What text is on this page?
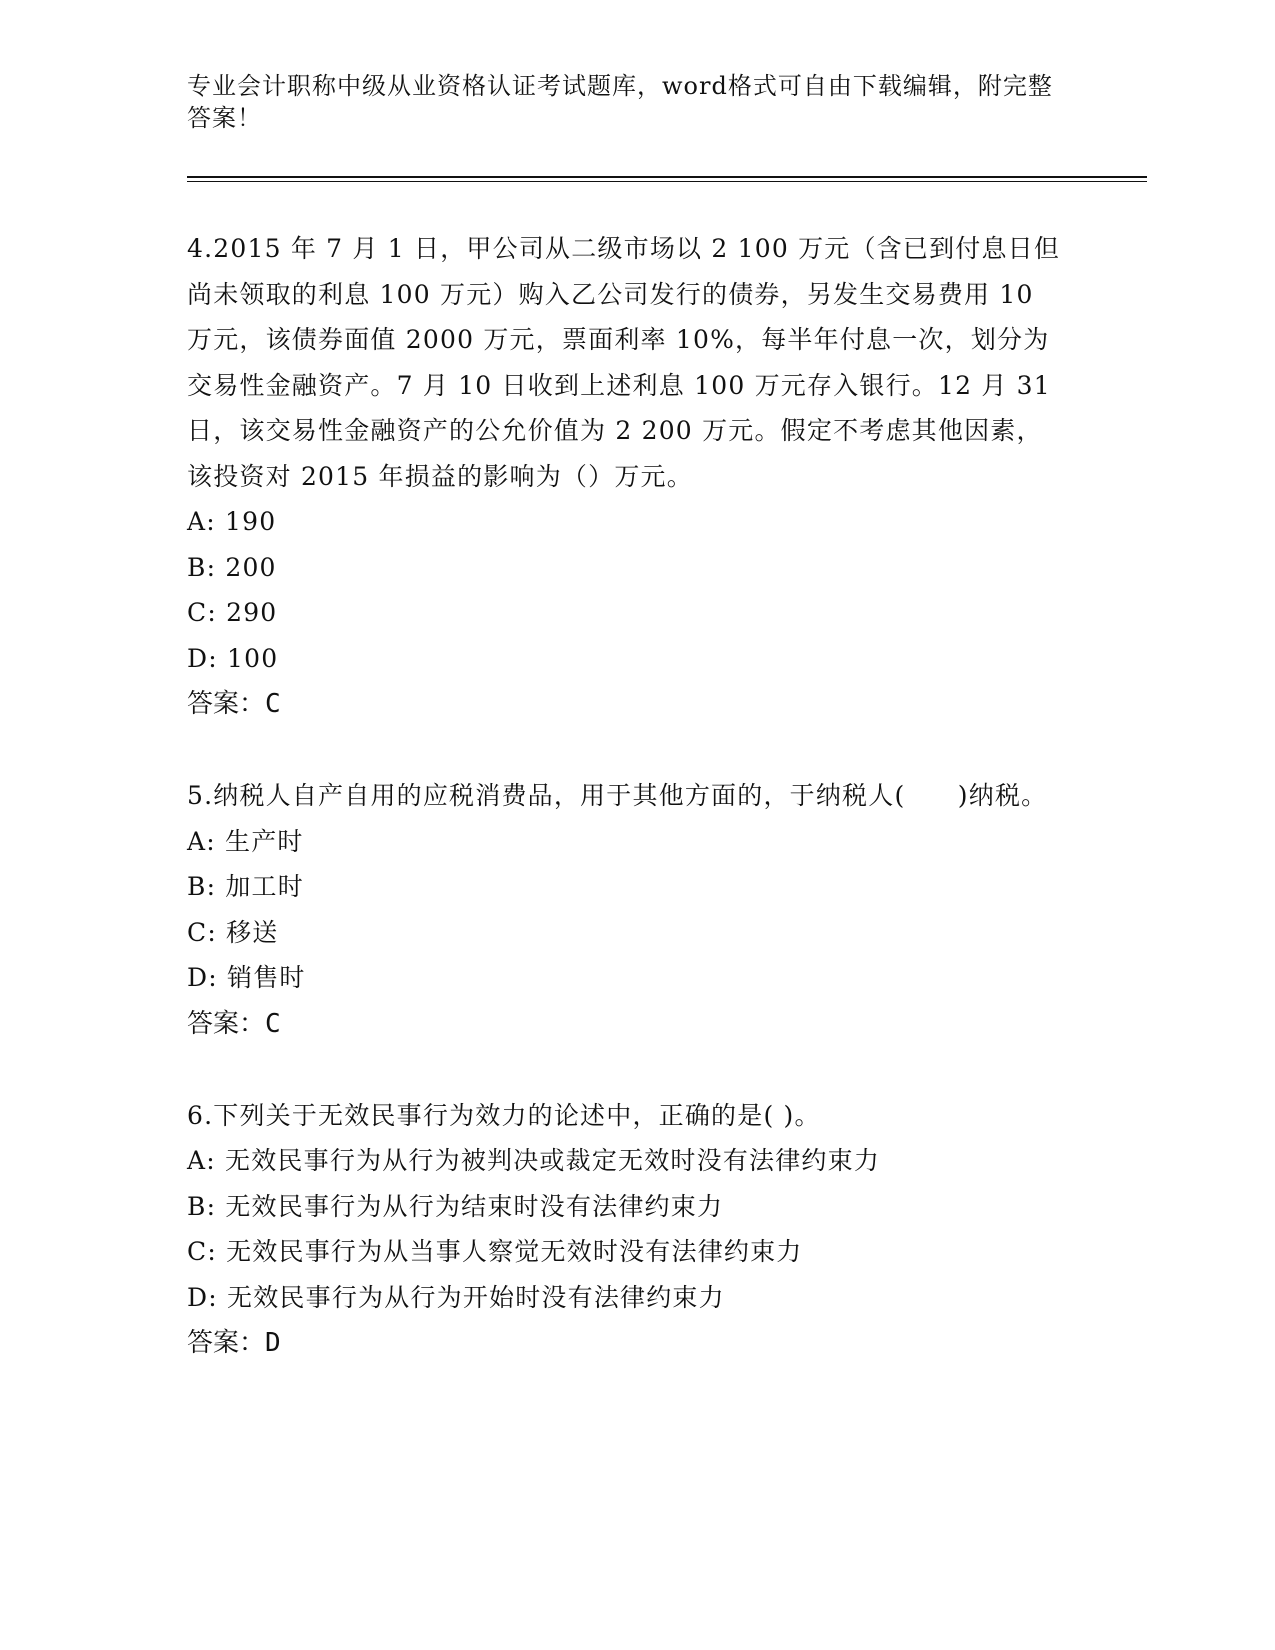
专业会计职称中级从业资格认证考试题库，word格式可自由下载编辑，附完整答案！
4.2015 年 7 月 1 日，甲公司从二级市场以 2 100 万元（含已到付息日但尚未领取的利息 100 万元）购入乙公司发行的债券，另发生交易费用 10 万元，该债券面值 2000 万元，票面利率 10%，每半年付息一次，划分为交易性金融资产。7 月 10 日收到上述利息 100 万元存入银行。12 月 31 日，该交易性金融资产的公允价值为 2 200 万元。假定不考虑其他因素，该投资对 2015 年损益的影响为（）万元。
A: 190
B: 200
C: 290
D: 100
答案：C
5.纳税人自产自用的应税消费品，用于其他方面的，于纳税人(　　)纳税。
A: 生产时
B: 加工时
C: 移送
D: 销售时
答案：C
6.下列关于无效民事行为效力的论述中，正确的是( )。
A: 无效民事行为从行为被判决或裁定无效时没有法律约束力
B: 无效民事行为从行为结束时没有法律约束力
C: 无效民事行为从当事人察觉无效时没有法律约束力
D: 无效民事行为从行为开始时没有法律约束力
答案：D
